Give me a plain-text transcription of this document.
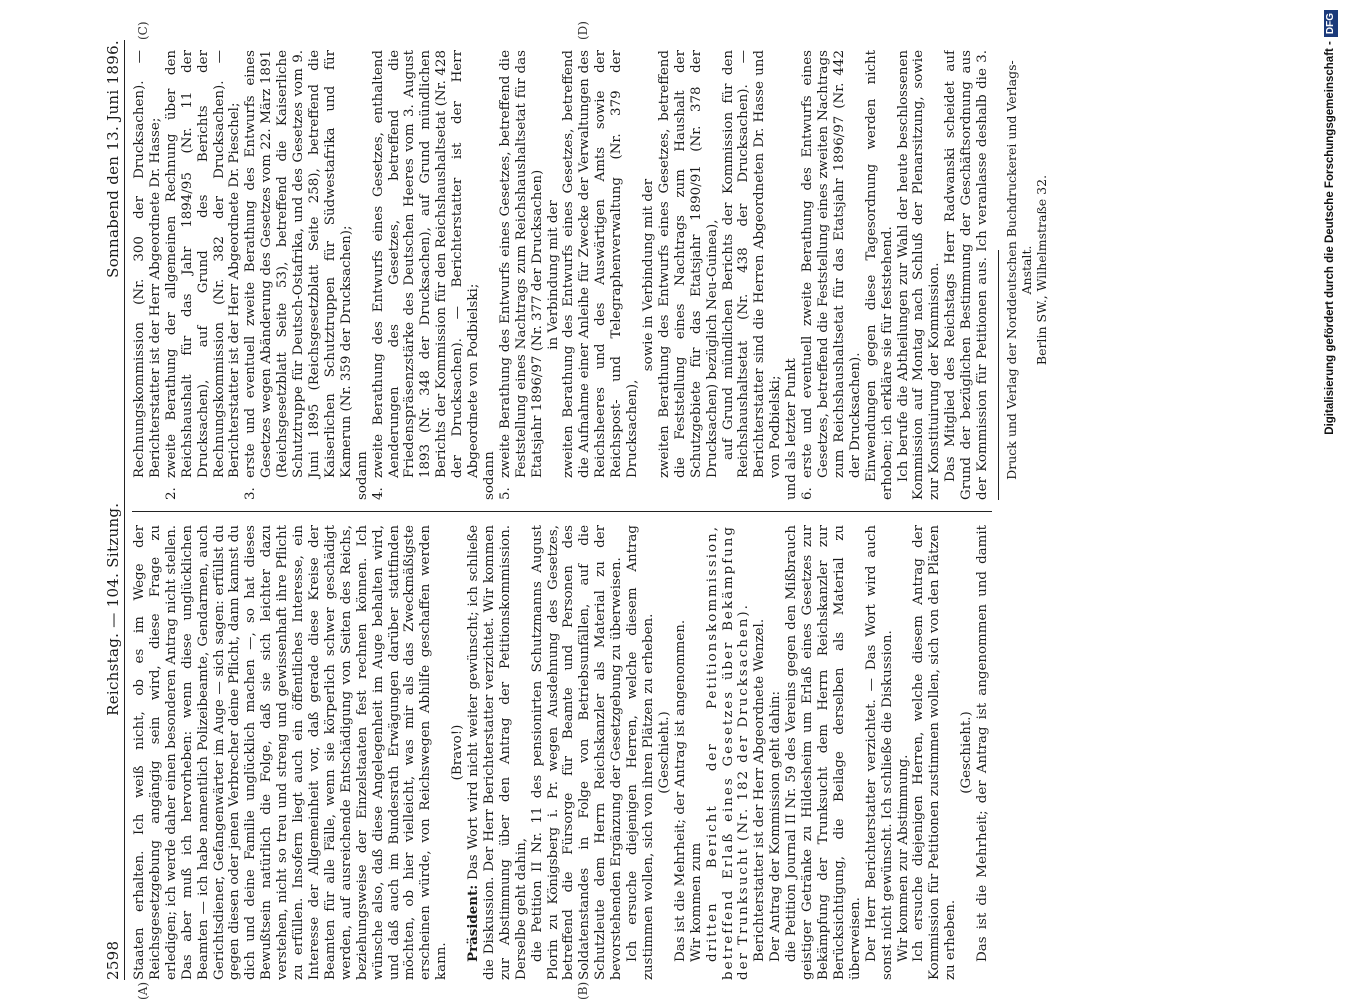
2598
Reichstag. — 104. Sitzung.
Sonnabend den 13. Juni 1896.
(A)	(B)
(C)	(D)

Staaten erhalten. Ich weiß nicht, ob es im Wege der Reichsgesetzgebung angängig sein wird, diese Frage zu erledigen; ich werde daher einen besonderen Antrag nicht stellen. Das aber muß ich hervorheben: wenn diese unglücklichen Beamten — ich habe namentlich Polizeibeamte, Gendarmen, auch Gerichtsdiener, Gefangenwärter im Auge — sich sagen: erfüllst du gegen diesen oder jenen Verbrecher deine Pflicht, dann kannst du dich und deine Familie unglücklich machen —, so hat dieses Bewußtsein natürlich die Folge, daß sie sich leichter dazu verstehen, nicht so treu und streng und gewissenhaft ihre Pflicht zu erfüllen. Insofern liegt auch ein öffentliches Interesse, ein Interesse der Allgemeinheit vor, daß gerade diese Kreise der Beamten für alle Fälle, wenn sie körperlich schwer geschädigt werden, auf ausreichende Entschädigung von Seiten des Reichs, beziehungsweise der Einzelstaaten fest rechnen können. Ich wünsche also, daß diese Angelegenheit im Auge behalten wird, und daß auch im Bundesrath Erwägungen darüber stattfinden möchten, ob hier vielleicht, was mir als das Zweckmäßigste erscheinen würde, von Reichswegen Abhilfe geschaffen werden kann.

(Bravo!)

Präsident: Das Wort wird nicht weiter gewünscht; ich schließe die Diskussion. Der Herr Berichterstatter verzichtet. Wir kommen zur Abstimmung über den Antrag der Petitionskommission. Derselbe geht dahin, die Petition II Nr. 11 des pensionirten Schutzmanns August Plorin zu Königsberg i. Pr. wegen Ausdehnung des Gesetzes, betreffend die Fürsorge für Beamte und Personen des Soldatenstandes in Folge von Betriebsunfällen, auf die Schutzleute dem Herrn Reichskanzler als Material zu der bevorstehenden Ergänzung der Gesetzgebung zu überweisen. Ich ersuche diejenigen Herren, welche diesem Antrag zustimmen wollen, sich von ihren Plätzen zu erheben. (Geschieht.) Das ist die Mehrheit; der Antrag ist angenommen. Wir kommen zum dritten Bericht der Petitionskommission, betreffend Erlaß eines Gesetzes über Bekämpfung der Trunksucht (Nr. 182 der Drucksachen). Berichterstatter ist der Herr Abgeordnete Wenzel. Der Antrag der Kommission geht dahin: die Petition Journal II Nr. 59 des Vereins gegen den Mißbrauch geistiger Getränke zu Hildesheim um Erlaß eines Gesetzes zur Bekämpfung der Trunksucht dem Herrn Reichskanzler zur Berücksichtigung, die Beilage derselben als Material zu überweisen. Der Herr Berichterstatter verzichtet. — Das Wort wird auch sonst nicht gewünscht. Ich schließe die Diskussion. Wir kommen zur Abstimmung. Ich ersuche diejenigen Herren, welche diesem Antrag der Kommission für Petitionen zustimmen wollen, sich von den Plätzen zu erheben.

(Geschieht.)

Das ist die Mehrheit; der Antrag ist angenommen und damit

Rechnungskommission (Nr. 300 der Drucksachen). — Berichterstatter ist der Herr Abgeordnete Dr. Hasse;

2.
zweite Berathung der allgemeinen Rechnung über den Reichshaushalt für das Jahr 1894/95 (Nr. 11 der Drucksachen), auf Grund des Berichts der Rechnungskommission (Nr. 382 der Drucksachen). — Berichterstatter ist der Herr Abgeordnete Dr. Pieschel;
3.
erste und eventuell zweite Berathung des Entwurfs eines Gesetzes wegen Abänderung des Gesetzes vom 22. März 1891 (Reichsgesetzblatt Seite 53), betreffend die Kaiserliche Schutztruppe für Deutsch-Ostafrika, und des Gesetzes vom 9. Juni 1895 (Reichsgesetzblatt Seite 258), betreffend die Kaiserlichen Schutztruppen für Südwestafrika und für Kamerun (Nr. 359 der Drucksachen); sodann 4.
zweite Berathung des Entwurfs eines Gesetzes, enthaltend Aenderungen des Gesetzes, betreffend die Friedenspräsenzstärke des Deutschen Heeres vom 3. August 1893 (Nr. 348 der Drucksachen), auf Grund mündlichen Berichts der Kommission für den Reichshaushaltsetat (Nr. 428 der Drucksachen). — Berichterstatter ist der Herr Abgeordnete von Podbielski; sodann 5.
zweite Berathung des Entwurfs eines Gesetzes, betreffend die Feststellung eines Nachtrags zum Reichshaushaltsetat für das Etatsjahr 1896/97 (Nr. 377 der Drucksachen) in Verbindung mit der zweiten Berathung des Entwurfs eines Gesetzes, betreffend die Aufnahme einer Anleihe für Zwecke der Verwaltungen des Reichsheeres und des Auswärtigen Amts sowie der Reichspost- und Telegraphenverwaltung (Nr. 379 der Drucksachen),

sowie in Verbindung mit der zweiten Berathung des Entwurfs eines Gesetzes, betreffend die Feststellung eines Nachtrags zum Haushalt der Schutzgebiete für das Etatsjahr 1890/91 (Nr. 378 der Drucksachen) bezüglich Neu-Guinea), auf Grund mündlichen Berichts der Kommission für den Reichshaushaltsetat (Nr. 438 der Drucksachen). — Berichterstatter sind die Herren Abgeordneten Dr. Hasse und von Podbielski; und als letzter Punkt 6.
erste und eventuell zweite Berathung des Entwurfs eines Gesetzes, betreffend die Feststellung eines zweiten Nachtrags zum Reichshaushaltsetat für das Etatsjahr 1896/97 (Nr. 442 der Drucksachen). Einwendungen gegen diese Tagesordnung werden nicht erhoben; ich erkläre sie für feststehend. Ich berufe die Abtheilungen zur Wahl der heute beschlossenen Kommission auf Montag nach Schluß der Plenarsitzung, sowie zur Konstituirung der Kommission. Das Mitglied des Reichstags Herr Radwanski scheidet auf Grund der bezüglichen Bestimmung der Geschäftsordnung aus der Kommission für Petitionen aus. Ich veranlasse deshalb die 3.

Druck und Verlag der Norddeutschen Buchdruckerei und Verlags-Anstalt. Berlin SW., Wilhelmstraße 32.	Digitalisierung gefördert durch die Deutsche Forschungsgemeinschaft -DFG
